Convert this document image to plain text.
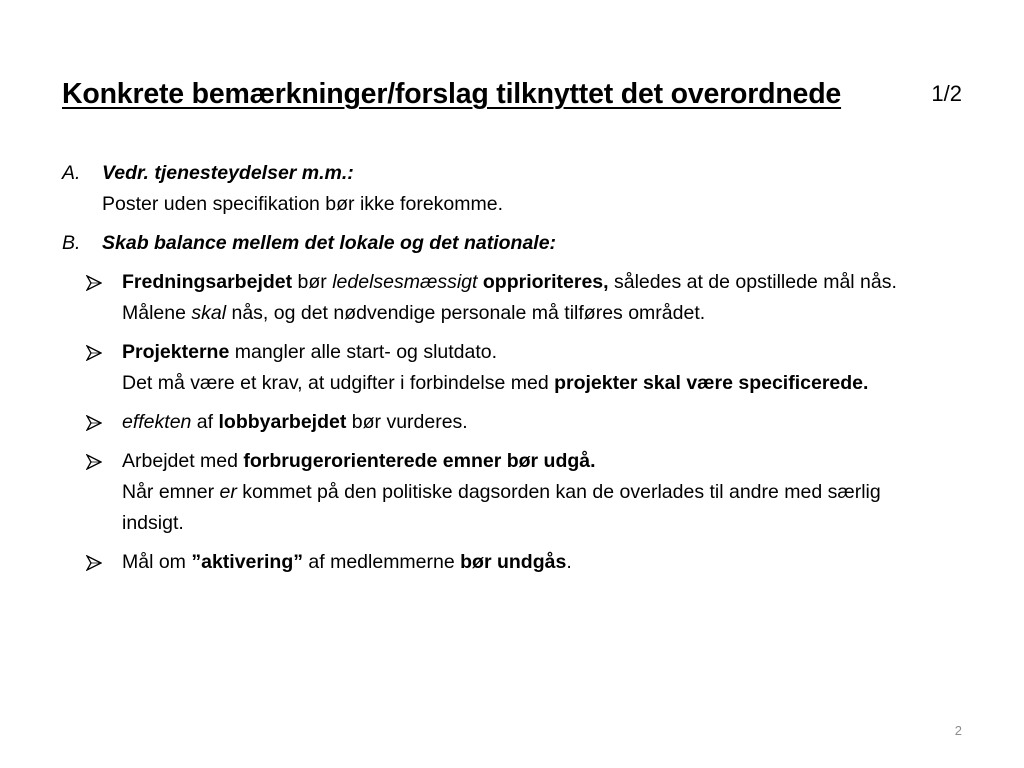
Konkrete bemærkninger/forslag tilknyttet det overordnede	1/2
A.	Vedr. tjenesteydelser m.m.:
Poster uden specifikation bør ikke forekomme.
B.	Skab balance mellem det lokale og det nationale:
Fredningsarbejdet bør ledelsesmæssigt opprioriteres, således at de opstillede mål nås.
Målene skal nås, og det nødvendige personale må tilføres området.
Projekterne mangler alle start- og slutdato.
Det må være et krav, at udgifter i forbindelse med projekter skal være specificerede.
effekten af lobbyarbejdet bør vurderes.
Arbejdet med forbrugerorienterede emner bør udgå.
Når emner er kommet på den politiske dagsorden kan de overlades til andre med særlig indsigt.
Mål om ”aktivering” af medlemmerne bør undgås.
2
